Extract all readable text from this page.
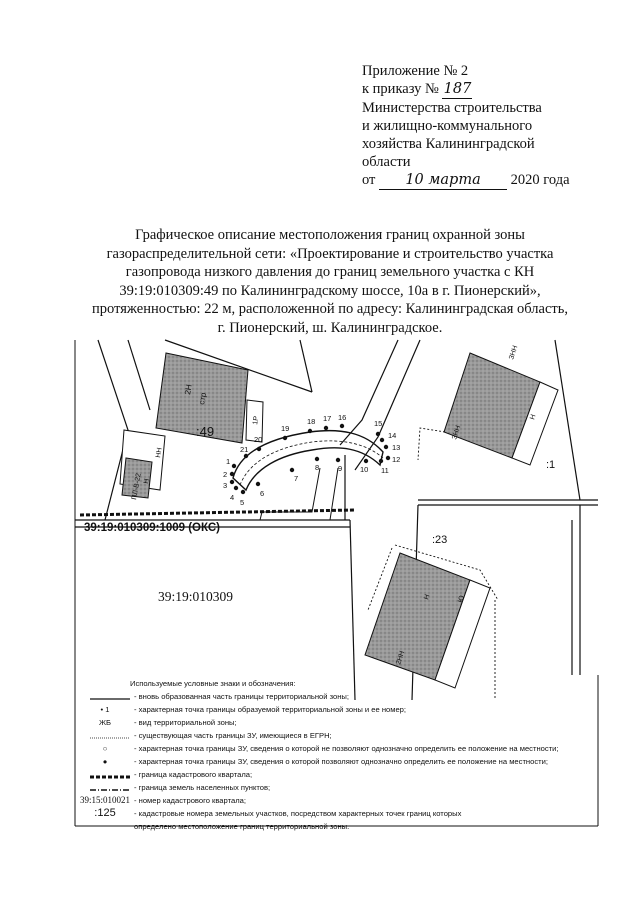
Приложение № 2
к приказу № 187
Министерства строительства
и жилищно-коммунального
хозяйства Калининградской
области
от 10 марта 2020 года
Графическое описание местоположения границ охранной зоны
газораспределительной сети: «Проектирование и строительство участка
газопровода низкого давления до границ земельного участка с КН
39:19:010309:49 по Калининградскому шоссе, 10а в г. Пионерский»,
протяженностью: 22 м, расположенной по адресу: Калининградская область,
г. Пионерский, ш. Калининградское.
1
2
3
4
5
6
7
8	9 10 11
12
13
14
15
16
17
18
19
20
21
:49
:1
:23
39:19:010309
39:19:010309:1009 (ОКС)
2Н
стр
Н
НН
1Р
ЗНН
Н
ЗНН
Ю
2НН
Н
ПЛ-В-22
Используемые условные знаки и обозначения:
- вновь образованная часть границы территориальной зоны;
• 1	- характерная точка границы образуемой территориальной зоны и ее номер;
ЖБ	- вид территориальной зоны;
- существующая часть границы ЗУ, имеющиеся в ЕГРН;
○	- характерная точка границы ЗУ, сведения о которой не позволяют однозначно определить ее положение на местности;
●	- характерная точка границы ЗУ, сведения о которой позволяют однозначно определить ее положение на местности;
- граница кадастрового квартала;
- граница земель населенных пунктов;
39:15:010021 - номер кадастрового квартала;
:125	- кадастровые номера земельных участков, посредством характерных точек границ которых
определено местоположение границ территориальной зоны.
